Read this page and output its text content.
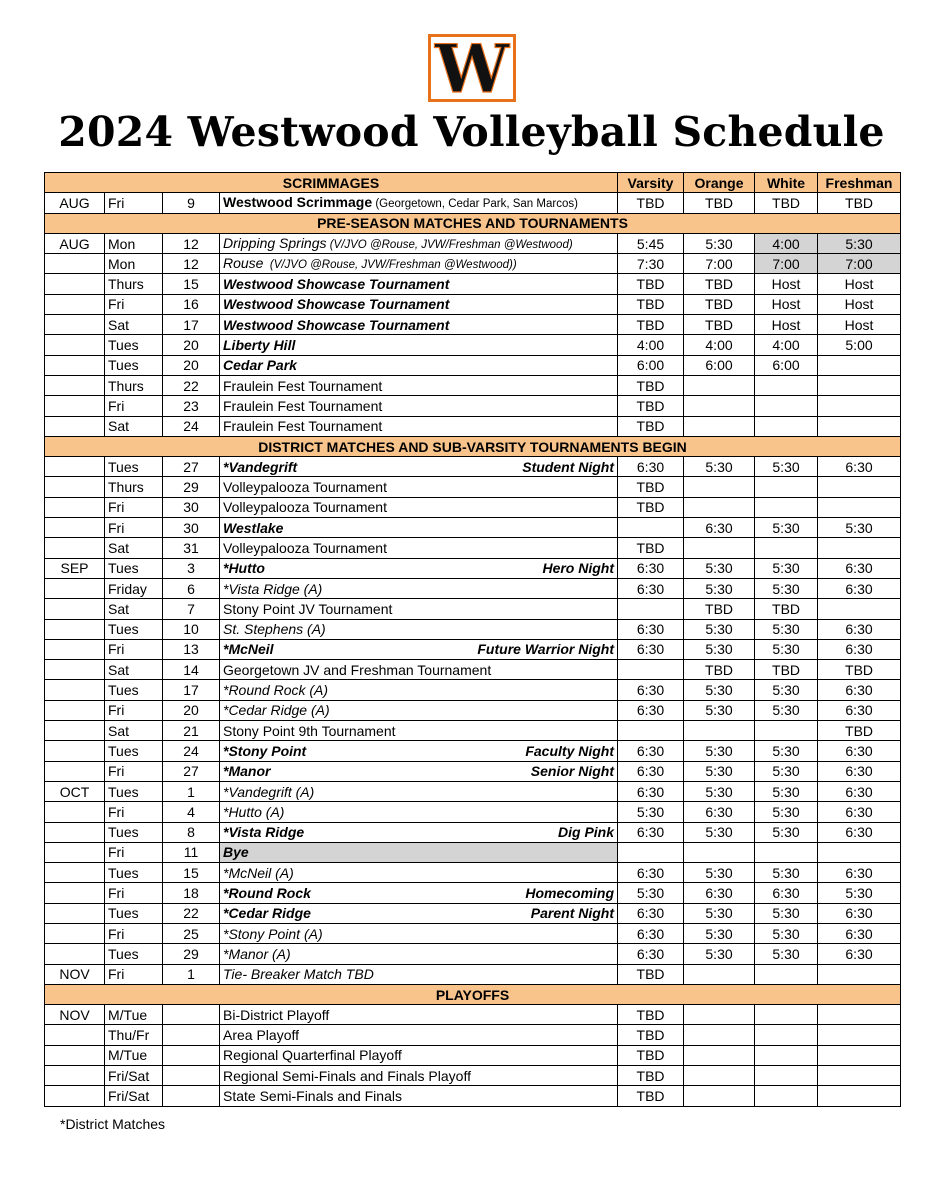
W
2024 Westwood Volleyball Schedule
SCRIMMAGES				Varsity	Orange	White	Freshman
AUG	Fri	9	Westwood Scrimmage (Georgetown, Cedar Park, San Marcos)	TBD	TBD	TBD	TBD
PRE-SEASON MATCHES AND TOURNAMENTS							
AUG	Mon	12	Dripping Springs (V/JVO @Rouse, JVW/Freshman @Westwood)	5:45	5:30	4:00	5:30
	Mon	12	Rouse  (V/JVO @Rouse, JVW/Freshman @Westwood))	7:30	7:00	7:00	7:00
	Thurs	15	Westwood Showcase Tournament	TBD	TBD	Host	Host
	Fri	16	Westwood Showcase Tournament	TBD	TBD	Host	Host
	Sat	17	Westwood Showcase Tournament	TBD	TBD	Host	Host
	Tues	20	Liberty Hill	4:00	4:00	4:00	5:00
	Tues	20	Cedar Park	6:00	6:00	6:00	
	Thurs	22	Fraulein Fest Tournament	TBD			
	Fri	23	Fraulein Fest Tournament	TBD			
	Sat	24	Fraulein Fest Tournament	TBD			
DISTRICT MATCHES AND SUB-VARSITY TOURNAMENTS BEGIN							
	Tues	27	*Vandegrift Student Night	6:30	5:30	5:30	6:30
	Thurs	29	Volleypalooza Tournament	TBD			
	Fri	30	Volleypalooza Tournament	TBD			
	Fri	30	Westlake		6:30	5:30	5:30
	Sat	31	Volleypalooza Tournament	TBD			
SEP	Tues	3	*Hutto Hero Night	6:30	5:30	5:30	6:30
	Friday	6	*Vista Ridge (A)	6:30	5:30	5:30	6:30
	Sat	7	Stony Point JV Tournament		TBD	TBD	
	Tues	10	St. Stephens (A)	6:30	5:30	5:30	6:30
	Fri	13	*McNeil Future Warrior Night	6:30	5:30	5:30	6:30
	Sat	14	Georgetown JV and Freshman Tournament		TBD	TBD	TBD
	Tues	17	*Round Rock (A)	6:30	5:30	5:30	6:30
	Fri	20	*Cedar Ridge (A)	6:30	5:30	5:30	6:30
	Sat	21	Stony Point 9th Tournament				TBD
	Tues	24	*Stony Point Faculty Night	6:30	5:30	5:30	6:30
	Fri	27	*Manor Senior Night	6:30	5:30	5:30	6:30
OCT	Tues	1	*Vandegrift (A)	6:30	5:30	5:30	6:30
	Fri	4	*Hutto (A)	5:30	6:30	5:30	6:30
	Tues	8	*Vista Ridge Dig Pink	6:30	5:30	5:30	6:30
	Fri	11	Bye				

	Tues	15	*McNeil (A)	6:30	5:30	5:30	6:30
	Fri	18	*Round Rock Homecoming	5:30	6:30	6:30	5:30
	Tues	22	*Cedar Ridge Parent Night	6:30	5:30	5:30	6:30
	Fri	25	*Stony Point (A)	6:30	5:30	5:30	6:30
	Tues	29	*Manor (A)	6:30	5:30	5:30	6:30
NOV	Fri	1	Tie- Breaker Match TBD	TBD			
PLAYOFFS							
NOV	M/Tue		Bi-District Playoff	TBD			
	Thu/Fr		Area Playoff	TBD			
	M/Tue		Regional Quarterfinal Playoff	TBD			
	Fri/Sat		Regional Semi-Finals and Finals Playoff	TBD			
	Fri/Sat		State Semi-Finals and Finals	TBD			
*District Matches
